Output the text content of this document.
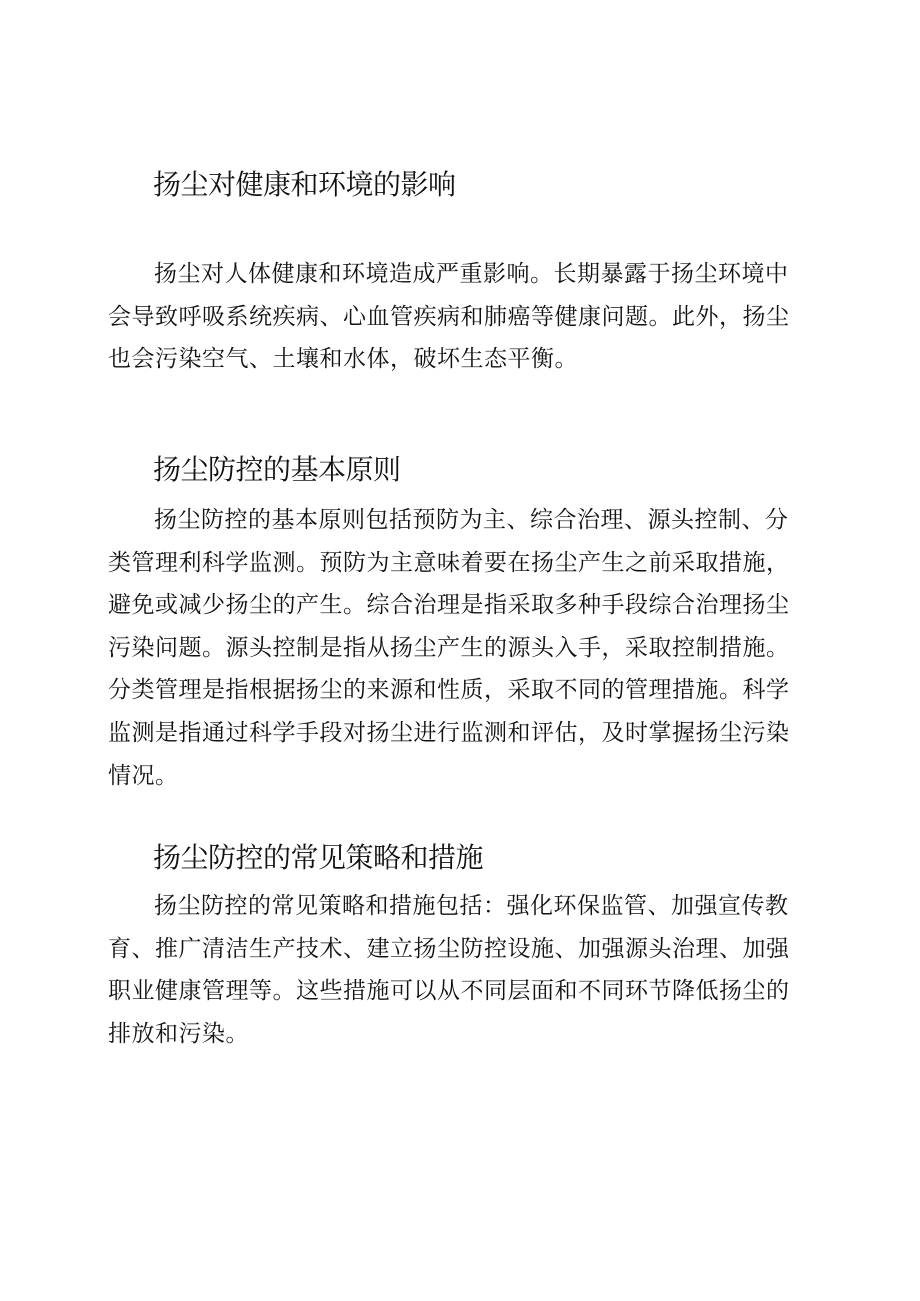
扬尘对健康和环境的影响

扬尘对人体健康和环境造成严重影响。长期暴露于扬尘环境中会导致呼吸系统疾病、心血管疾病和肺癌等健康问题。此外，扬尘也会污染空气、土壤和水体，破坏生态平衡。

扬尘防控的基本原则

扬尘防控的基本原则包括预防为主、综合治理、源头控制、分类管理利科学监测。预防为主意味着要在扬尘产生之前采取措施，避免或减少扬尘的产生。综合治理是指采取多种手段综合治理扬尘污染问题。源头控制是指从扬尘产生的源头入手，采取控制措施。分类管理是指根据扬尘的来源和性质，采取不同的管理措施。科学监测是指通过科学手段对扬尘进行监测和评估，及时掌握扬尘污染情况。

扬尘防控的常见策略和措施

扬尘防控的常见策略和措施包括：强化环保监管、加强宣传教育、推广清洁生产技术、建立扬尘防控设施、加强源头治理、加强职业健康管理等。这些措施可以从不同层面和不同环节降低扬尘的排放和污染。
